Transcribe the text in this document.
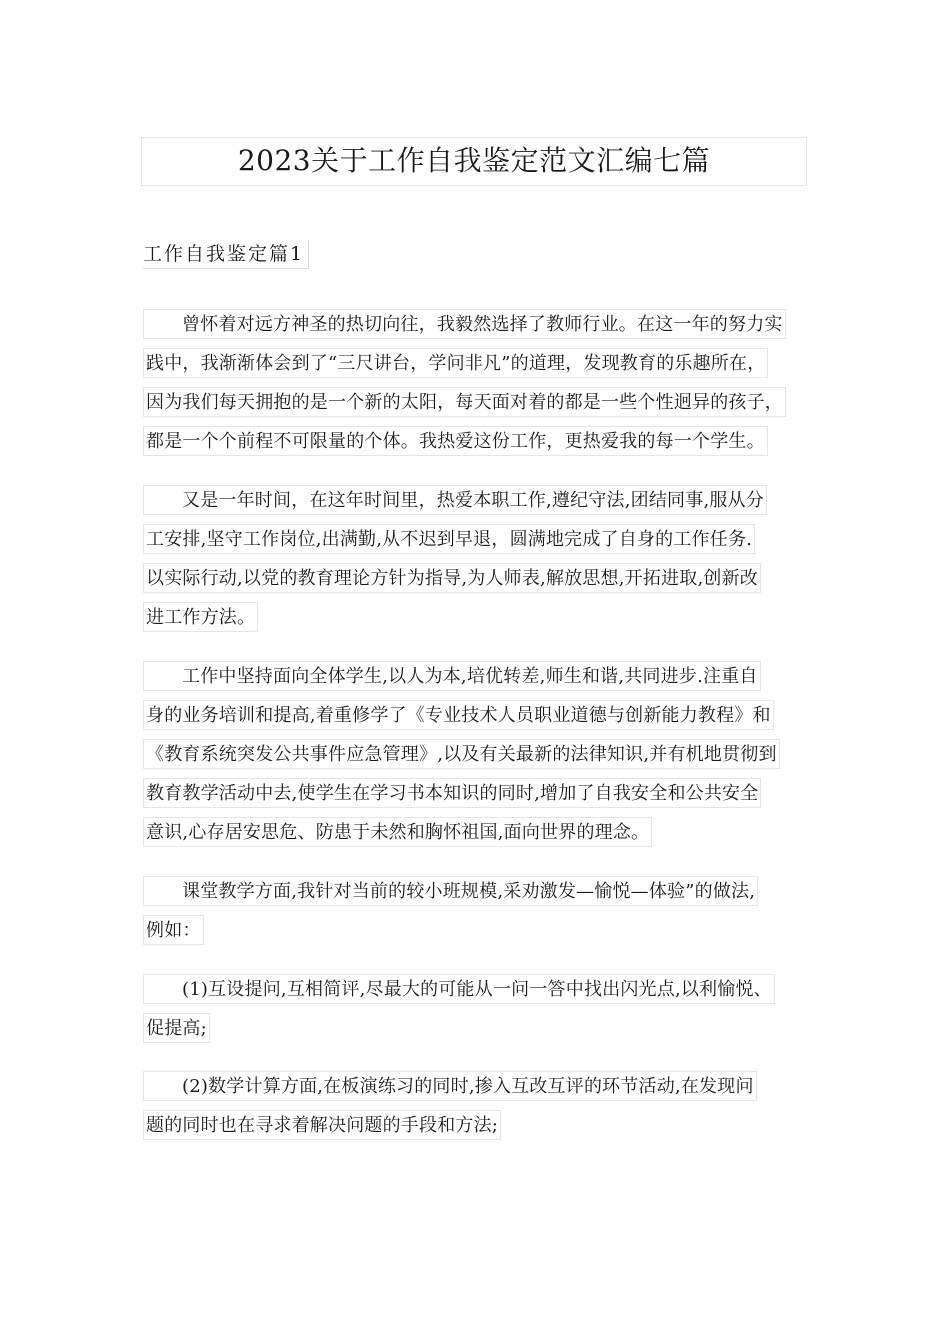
2023关于工作自我鉴定范文汇编七篇
工作自我鉴定篇1
曾怀着对远方神圣的热切向往，我毅然选择了教师行业。在这一年的努力实
践中，我渐渐体会到了“三尺讲台，学问非凡”的道理，发现教育的乐趣所在，
因为我们每天拥抱的是一个新的太阳，每天面对着的都是一些个性迥异的孩子，
都是一个个前程不可限量的个体。我热爱这份工作，更热爱我的每一个学生。
又是一年时间，在这年时间里，热爱本职工作,遵纪守法,团结同事,服从分
工安排,坚守工作岗位,出满勤,从不迟到早退，圆满地完成了自身的工作任务.
以实际行动,以党的教育理论方针为指导,为人师表,解放思想,开拓进取,创新改
进工作方法。
工作中坚持面向全体学生,以人为本,培优转差,师生和谐,共同进步.注重自
身的业务培训和提高,着重修学了《专业技术人员职业道德与创新能力教程》和
《教育系统突发公共事件应急管理》,以及有关最新的法律知识,并有机地贯彻到
教育教学活动中去,使学生在学习书本知识的同时,增加了自我安全和公共安全
意识,心存居安思危、防患于未然和胸怀祖国,面向世界的理念。
课堂教学方面,我针对当前的较小班规模,采劝激发—愉悦—体验”的做法,
例如：
(1)互设提问,互相简评,尽最大的可能从一问一答中找出闪光点,以利愉悦、
促提高;
(2)数学计算方面,在板演练习的同时,掺入互改互评的环节活动,在发现问
题的同时也在寻求着解决问题的手段和方法;
